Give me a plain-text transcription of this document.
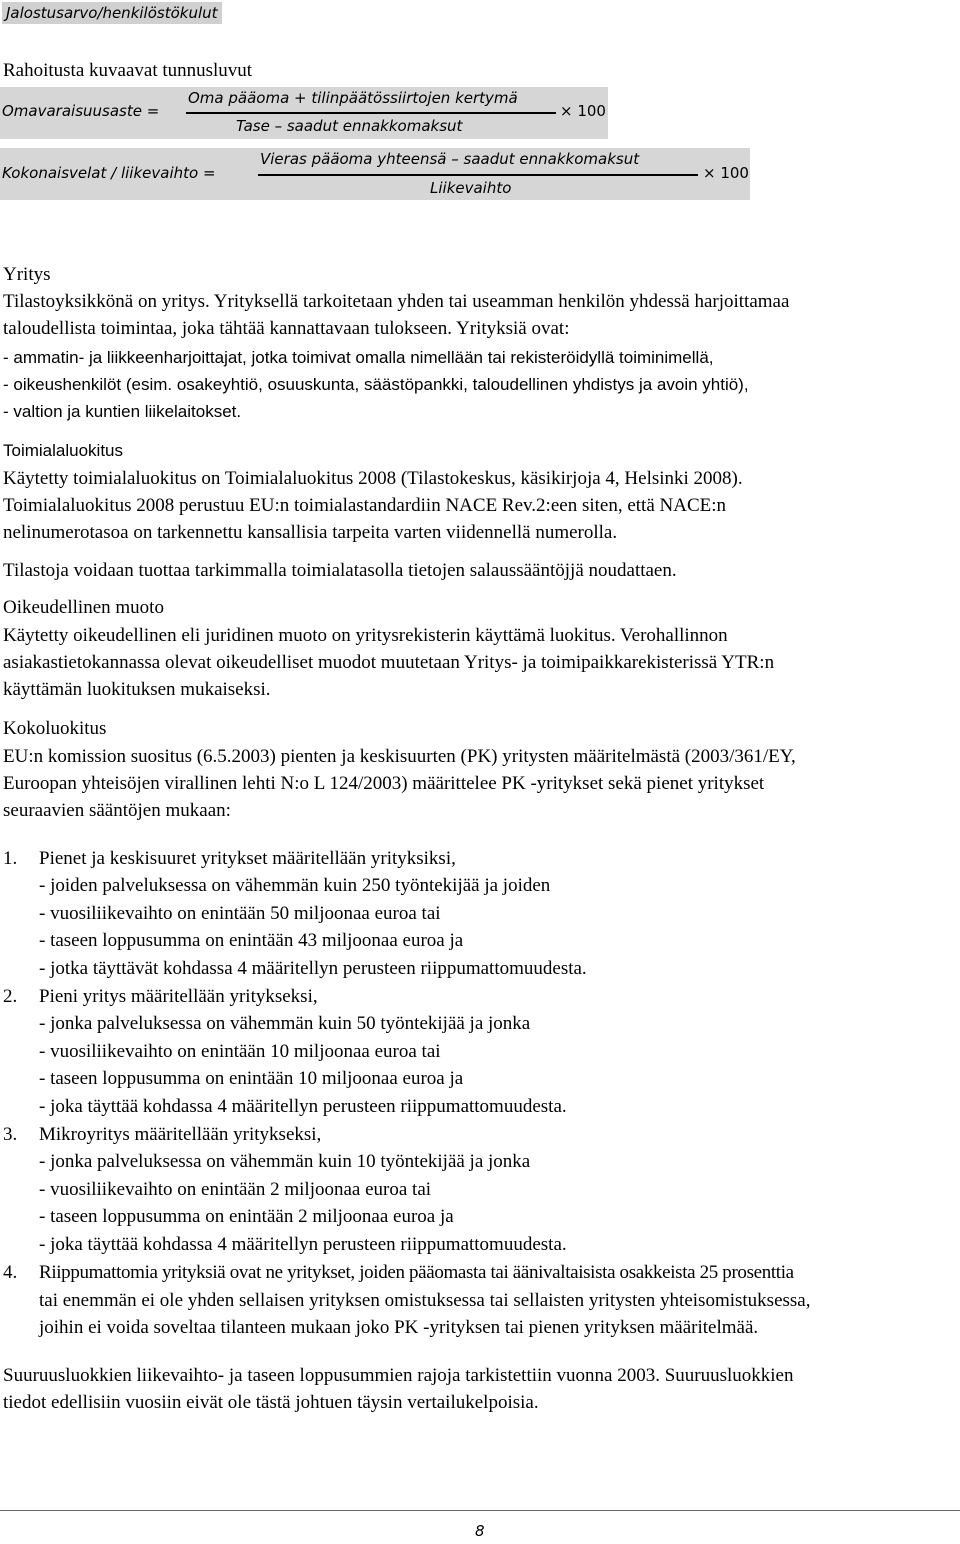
Jalostusarvo/henkilöstökulut
Rahoitusta kuvaavat tunnusluvut
Omavaraisuusaste =
Oma pääoma + tilinpäätössiirtojen kertymä
Tase – saadut ennakkomaksut
× 100
Kokonaisvelat / liikevaihto =
Vieras pääoma yhteensä – saadut ennakkomaksut
Liikevaihto
× 100
Yritys
Tilastoyksikkönä on yritys. Yrityksellä tarkoitetaan yhden tai useamman henkilön yhdessä harjoittamaa
taloudellista toimintaa, joka tähtää kannattavaan tulokseen. Yrityksiä ovat:
- ammatin- ja liikkeenharjoittajat, jotka toimivat omalla nimellään tai rekisteröidyllä toiminimellä,
- oikeushenkilöt (esim. osakeyhtiö, osuuskunta, säästöpankki, taloudellinen yhdistys ja avoin yhtiö),
- valtion ja kuntien liikelaitokset.
Toimialaluokitus
Käytetty toimialaluokitus on Toimialaluokitus 2008 (Tilastokeskus, käsikirjoja 4, Helsinki 2008).
Toimialaluokitus 2008 perustuu EU:n toimialastandardiin NACE Rev.2:een siten, että NACE:n
nelinumerotasoa on tarkennettu kansallisia tarpeita varten viidennellä numerolla.
Tilastoja voidaan tuottaa tarkimmalla toimialatasolla tietojen salaussääntöjjä noudattaen.
Oikeudellinen muoto
Käytetty oikeudellinen eli juridinen muoto on yritysrekisterin käyttämä luokitus. Verohallinnon
asiakastietokannassa olevat oikeudelliset muodot muutetaan Yritys- ja toimipaikkarekisterissä YTR:n
käyttämän luokituksen mukaiseksi.
Kokoluokitus
EU:n komission suositus (6.5.2003) pienten ja keskisuurten (PK) yritysten määritelmästä (2003/361/EY,
Euroopan yhteisöjen virallinen lehti N:o L 124/2003) määrittelee PK -yritykset sekä pienet yritykset
seuraavien sääntöjen mukaan:
1. Pienet ja keskisuuret yritykset määritellään yrityksiksi,
- joiden palveluksessa on vähemmän kuin 250 työntekijää ja joiden
- vuosiliikevaihto on enintään 50 miljoonaa euroa tai
- taseen loppusumma on enintään 43 miljoonaa euroa ja
- jotka täyttävät kohdassa 4 määritellyn perusteen riippumattomuudesta.
2. Pieni yritys määritellään yritykseksi,
- jonka palveluksessa on vähemmän kuin 50 työntekijää ja jonka
- vuosiliikevaihto on enintään 10 miljoonaa euroa tai
- taseen loppusumma on enintään 10 miljoonaa euroa ja
- joka täyttää kohdassa 4 määritellyn perusteen riippumattomuudesta.
3. Mikroyritys määritellään yritykseksi,
- jonka palveluksessa on vähemmän kuin 10 työntekijää ja jonka
- vuosiliikevaihto on enintään 2 miljoonaa euroa tai
- taseen loppusumma on enintään 2 miljoonaa euroa ja
- joka täyttää kohdassa 4 määritellyn perusteen riippumattomuudesta.
4. Riippumattomia yrityksiä ovat ne yritykset, joiden pääomasta tai äänivaltaisista osakkeista 25 prosenttia
tai enemmän ei ole yhden sellaisen yrityksen omistuksessa tai sellaisten yritysten yhteisomistuksessa,
joihin ei voida soveltaa tilanteen mukaan joko PK -yrityksen tai pienen yrityksen määritelmää.
Suuruusluokkien liikevaihto- ja taseen loppusummien rajoja tarkistettiin vuonna 2003. Suuruusluokkien
tiedot edellisiin vuosiin eivät ole tästä johtuen täysin vertailukelpoisia.
8
